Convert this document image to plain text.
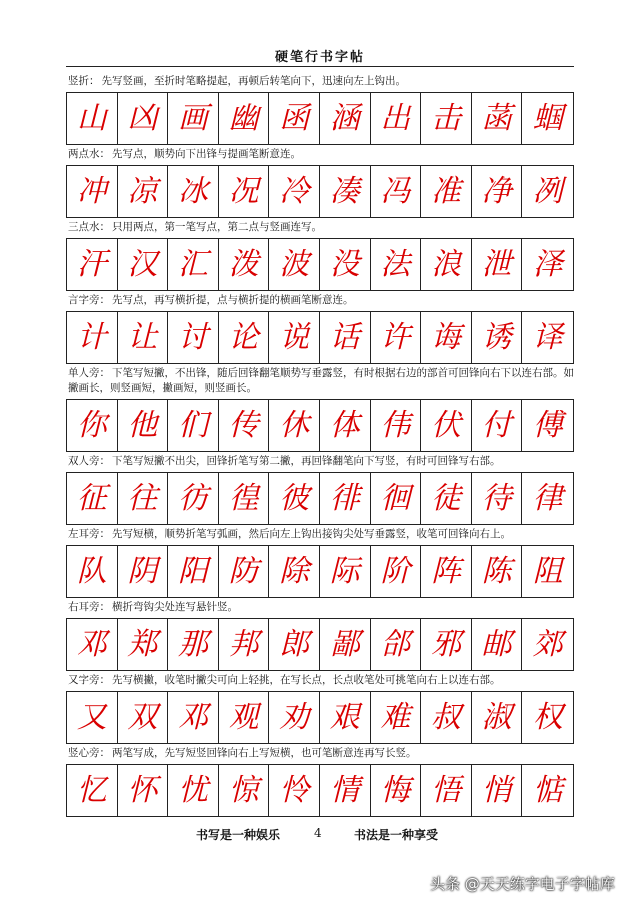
硬笔行书字帖
竖折： 先写竖画，至折时笔略提起，再顿后转笔向下，迅速向左上钩出。
山 凶 画 幽 函 涵 出 击 菡 蝈
两点水： 先写点，顺势向下出锋与提画笔断意连。
冲 凉 冰 况 冷 凑 冯 准 净 冽
三点水： 只用两点，第一笔写点，第二点与竖画连写。
汗 汉 汇 泼 波 没 法 浪 泄 泽
言字旁： 先写点，再写横折提，点与横折提的横画笔断意连。
计 让 讨 论 说 话 许 诲 诱 译
单人旁： 下笔写短撇，不出锋，随后回锋翻笔顺势写垂露竖，有时根据右边的部首可回锋向右下以连右部。如撇画长，则竖画短，撇画短，则竖画长。
你 他 们 传 休 体 伟 伏 付 傅
双人旁： 下笔写短撇不出尖，回锋折笔写第二撇，再回锋翻笔向下写竖，有时可回锋写右部。
征 往 彷 徨 彼 徘 徊 徒 待 律
左耳旁： 先写短横，顺势折笔写弧画，然后向左上钩出接钩尖处写垂露竖，收笔可回锋向右上。
队 阴 阳 防 除 际 阶 阵 陈 阻
右耳旁： 横折弯钩尖处连写悬针竖。
邓 郑 那 邦 郎 鄙 郃 邪 邮 郊
又字旁： 先写横撇，收笔时撇尖可向上轻挑，在写长点，长点收笔处可挑笔向右上以连右部。
又 双 邓 观 劝 艰 难 叔 淑 权
竖心旁： 两笔写成，先写短竖回锋向右上写短横，也可笔断意连再写长竖。
忆 怀 忧 惊 怜 情 悔 悟 悄 惦
书写是一种娱乐	4	书法是一种享受
头条 @天天练字电子字帖库
